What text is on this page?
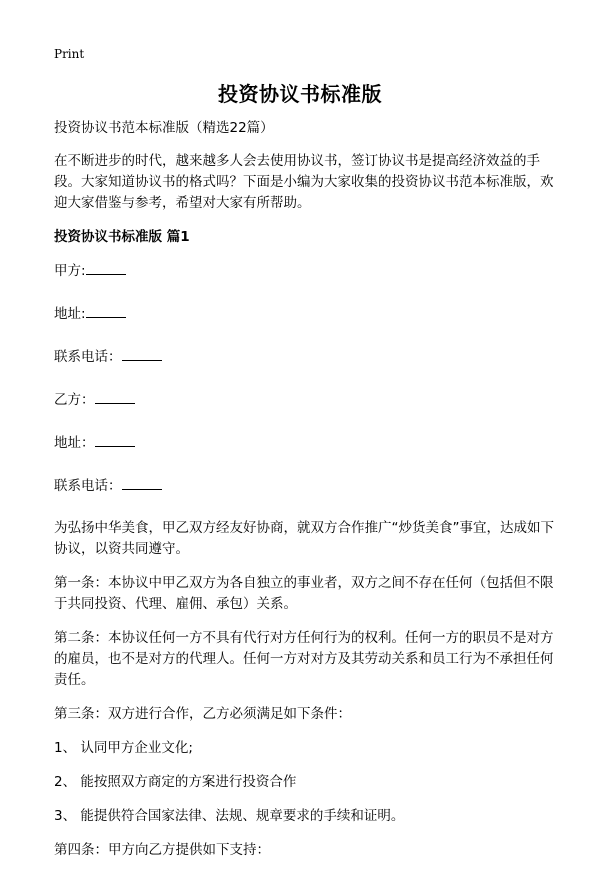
Print
投资协议书标准版

投资协议书范本标准版（精选22篇）

在不断进步的时代，越来越多人会去使用协议书，签订协议书是提高经济效益的手段。大家知道协议书的格式吗？下面是小编为大家收集的投资协议书范本标准版，欢迎大家借鉴与参考，希望对大家有所帮助。

投资协议书标准版 篇1

甲方:

地址:

联系电话：

乙方：

地址：

联系电话：

为弘扬中华美食，甲乙双方经友好协商，就双方合作推广“炒货美食”事宜，达成如下协议，以资共同遵守。

第一条：本协议中甲乙双方为各自独立的事业者，双方之间不存在任何（包括但不限于共同投资、代理、雇佣、承包）关系。

第二条：本协议任何一方不具有代行对方任何行为的权利。任何一方的职员不是对方的雇员，也不是对方的代理人。任何一方对对方及其劳动关系和员工行为不承担任何责任。

第三条：双方进行合作，乙方必须满足如下条件：

1、 认同甲方企业文化;

2、 能按照双方商定的方案进行投资合作

3、 能提供符合国家法律、法规、规章要求的手续和证明。

第四条：甲方向乙方提供如下支持：
